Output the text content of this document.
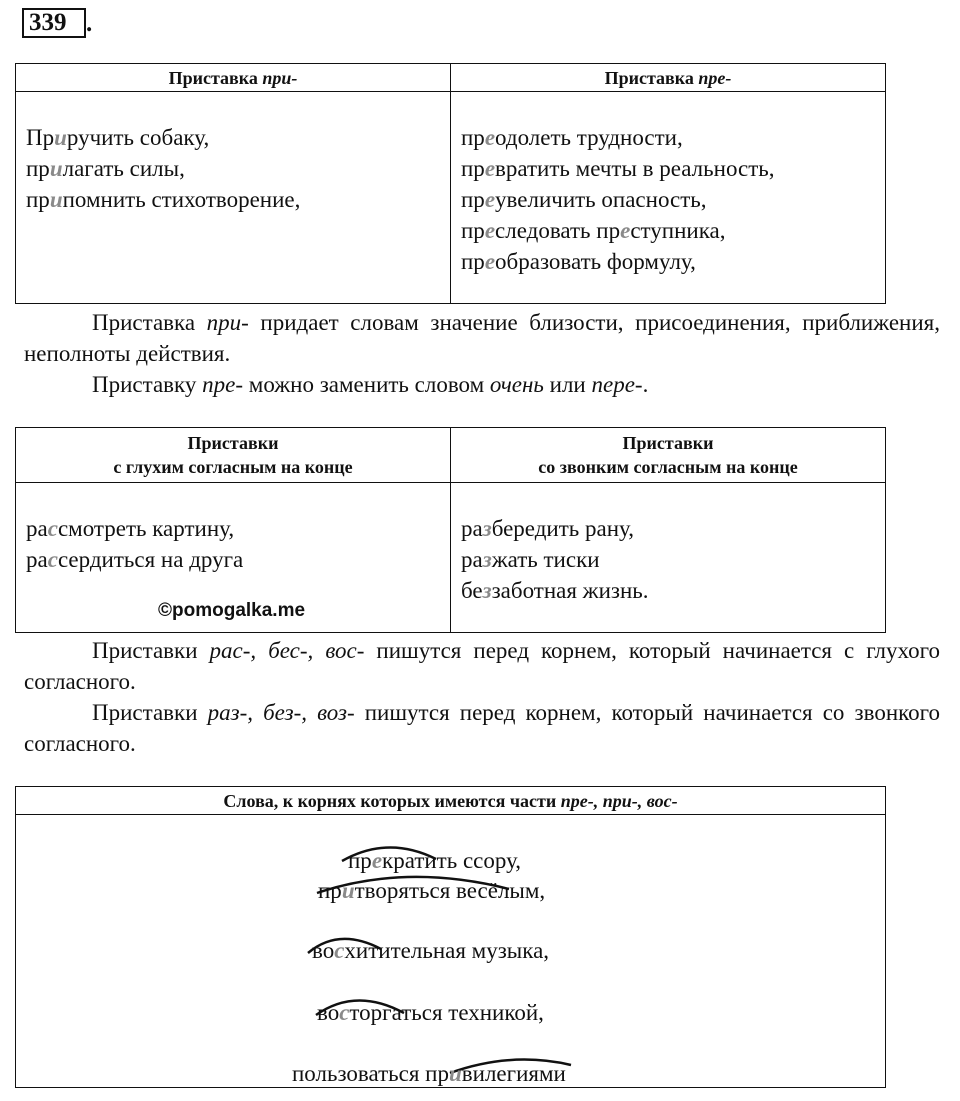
339 .
Приставка при-	Приставка пре-
Приручить собаку,
прилагать силы,
припомнить стихотворение,
преодолеть трудности,
превратить мечты в реальность,
преувеличить опасность,
преследовать преступника,
преобразовать формулу,

Приставка при- придает словам значение близости, присоединения, приближения, неполноты действия.

Приставку пре- можно заменить словом очень или пере-.

Приставки
с глухим согласным на конце
Приставки
со звонким согласным на конце
рассмотреть картину,
рассердиться на друга
разбередить рану,
разжать тиски
беззаботная жизнь.
©pomogalka.me

Приставки рас-, бес-, вос- пишутся перед корнем, который начинается с глухого согласного.

Приставки раз-, без-, воз- пишутся перед корнем, который начинается со звонкого согласного.

Слова, к корнях которых имеются части пре-, при-, вос-
прекратить ссору,
притворяться весёлым,
восхитительная музыка,
восторгаться техникой,
пользоваться привилегиями
